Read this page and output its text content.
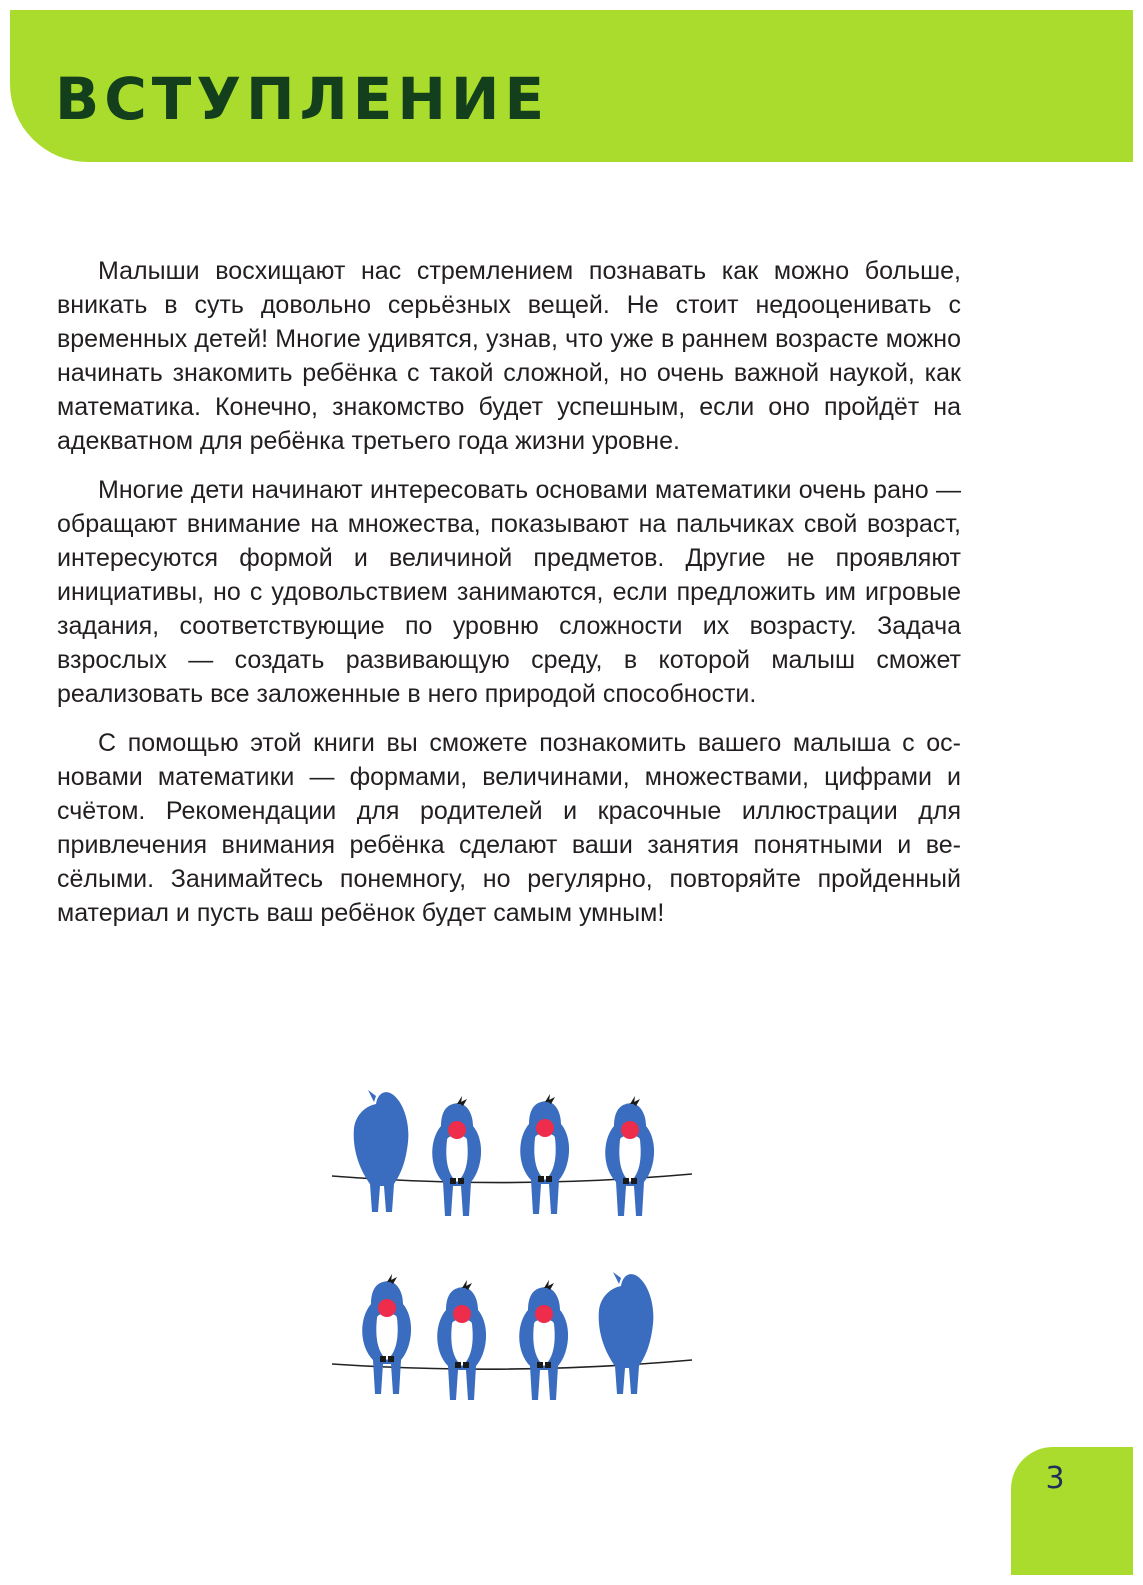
ВСТУПЛЕНИЕ

Малыши восхищают нас стремлением познавать как можно больше, вникать в суть довольно серьёзных вещей. Не стоит недооценивать с временных детей! Многие удивятся, узнав, что уже в раннем возрасте можно начинать знакомить ребёнка с такой сложной, но очень важной наукой, как математика. Конечно, знакомство будет успешным, если оно пройдёт на адекватном для ребёнка третьего года жизни уровне.

Многие дети начинают интересовать основами математики очень рано — обращают внимание на множества, показывают на пальчиках свой возраст, интересуются формой и величиной предметов. Другие не проявляют инициативы, но с удовольствием занимаются, если предложить им игровые задания, соответствующие по уровню сложности их возрасту. Задача взрослых — создать развивающую среду, в которой малыш сможет реализовать все заложенные в него природой способности.

С помощью этой книги вы сможете познакомить вашего малыша с основами математики — формами, величинами, множествами, цифрами и счётом. Рекомендации для родителей и красочные иллюстрации для привлечения внимания ребёнка сделают ваши занятия понятными и весёлыми. Занимайтесь понемногу, но регулярно, повторяйте пройденный материал и пусть ваш ребёнок будет самым умным!

3
